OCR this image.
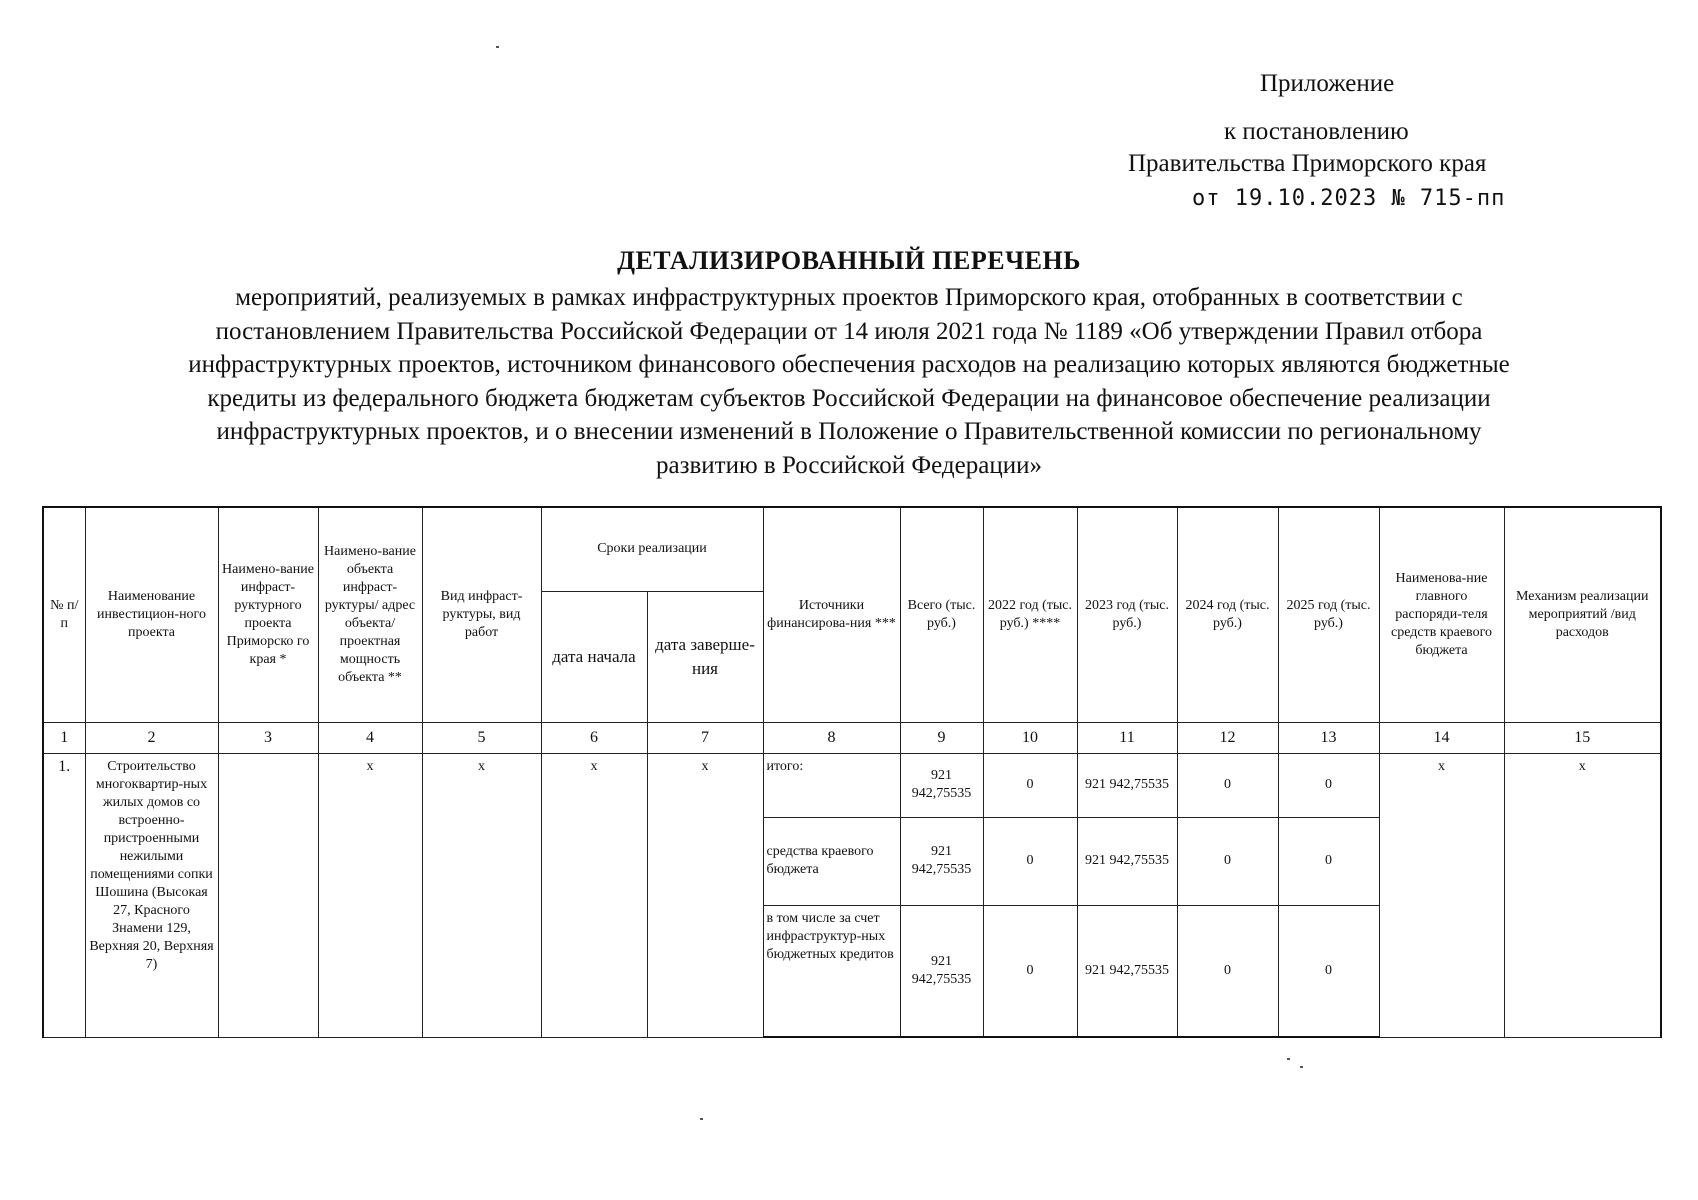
Приложение
к постановлению
Правительства Приморского края
от 19.10.2023 № 715-пп
ДЕТАЛИЗИРОВАННЫЙ ПЕРЕЧЕНЬ
мероприятий, реализуемых в рамках инфраструктурных проектов Приморского края, отобранных в соответствии с
постановлением Правительства Российской Федерации от 14 июля 2021 года № 1189 «Об утверждении Правил отбора
инфраструктурных проектов, источником финансового обеспечения расходов на реализацию которых являются бюджетные
кредиты из федерального бюджета бюджетам субъектов Российской Федерации на финансовое обеспечение реализации
инфраструктурных проектов, и о внесении изменений в Положение о Правительственной комиссии по региональному
развитию в Российской Федерации»
№ п/п	Наименование инвестицион-ного проекта	Наимено-вание инфраст-руктурного проекта Приморско го края *	Наимено-вание объекта инфраст-руктуры/ адрес объекта/ проектная мощность объекта **	Вид инфраст-руктуры, вид работ	Сроки реализации		Источники финансирова-ния ***	Всего (тыс. руб.)	2022 год (тыс. руб.) ****	2023 год (тыс. руб.)	2024 год (тыс. руб.)	2025 год (тыс. руб.)	Наименова-ние главного распоряди-теля средств краевого бюджета	Механизм реализации мероприятий /вид расходов
					дата начала	дата заверше-ния								
1	2	3	4	5	6	7	8	9	10	11	12	13	14	15
1.	Строительство многоквартир-ных жилых домов со встроенно-пристроенными нежилыми помещениями сопки Шошина (Высокая 27, Красного Знамени 129, Верхняя 20, Верхняя 7)		х	х	х	х	итого:	921 942,75535	0	921 942,75535	0	0	х	х
							средства краевого бюджета	921 942,75535	0	921 942,75535	0	0		
							в том числе за счет инфраструктур-ных бюджетных кредитов	921 942,75535	0	921 942,75535	0	0		
